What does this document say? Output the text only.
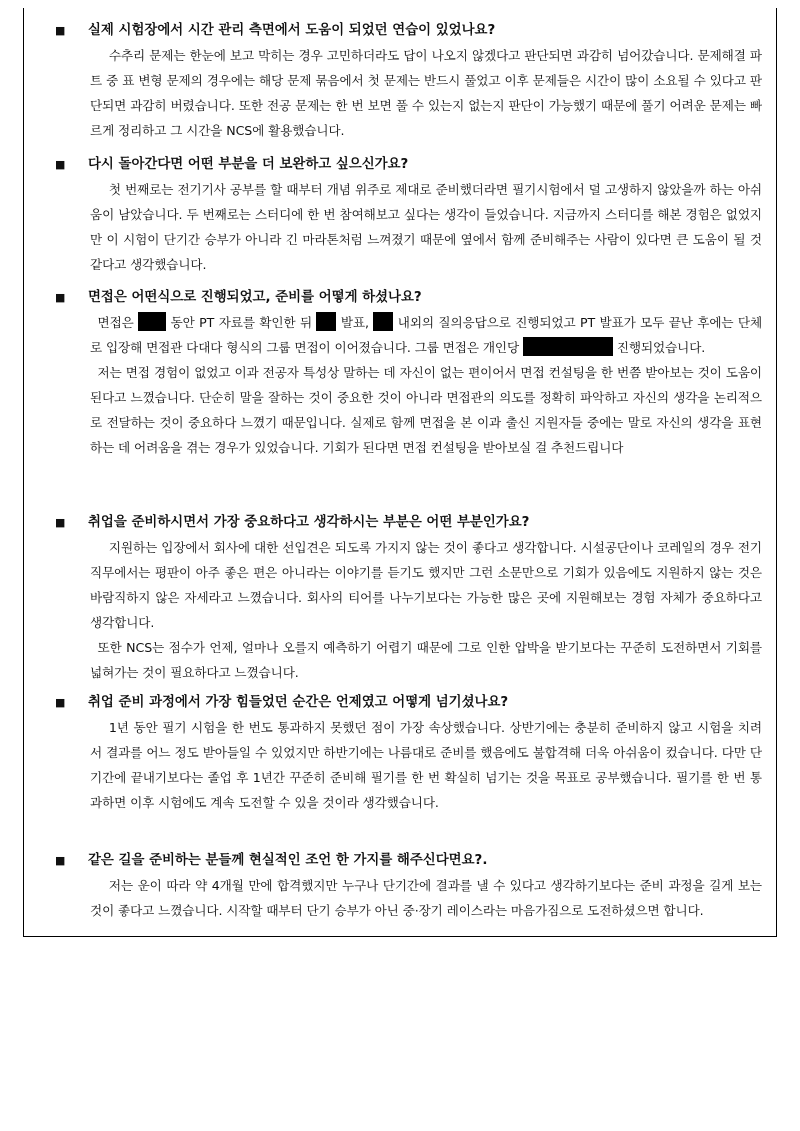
■	실제 시험장에서 시간 관리 측면에서 도움이 되었던 연습이 있었나요?

수추리 문제는 한눈에 보고 막히는 경우 고민하더라도 답이 나오지 않겠다고 판단되면 과감히 넘어갔습니다. 문제해결 파트 중 표 변형 문제의 경우에는 해당 문제 묶음에서 첫 문제는 반드시 풀었고 이후 문제들은 시간이 많이 소요될 수 있다고 판단되면 과감히 버렸습니다. 또한 전공 문제는 한 번 보면 풀 수 있는지 없는지 판단이 가능했기 때문에 풀기 어려운 문제는 빠르게 정리하고 그 시간을 NCS에 활용했습니다.

■	다시 돌아간다면 어떤 부분을 더 보완하고 싶으신가요?

첫 번째로는 전기기사 공부를 할 때부터 개념 위주로 제대로 준비했더라면 필기시험에서 덜 고생하지 않았을까 하는 아쉬움이 남았습니다. 두 번째로는 스터디에 한 번 참여해보고 싶다는 생각이 들었습니다. 지금까지 스터디를 해본 경험은 없었지만 이 시험이 단기간 승부가 아니라 긴 마라톤처럼 느껴졌기 때문에 옆에서 함께 준비해주는 사람이 있다면 큰 도움이 될 것 같다고 생각했습니다.

■	면접은 어떤식으로 진행되었고, 준비를 어떻게 하셨나요?

면접은  동안 PT 자료를 확인한 뒤  발표,  내외의 질의응답으로 진행되었고 PT 발표가 모두 끝난 후에는 단체로 입장해 면접관 다대다 형식의 그룹 면접이 이어졌습니다. 그룹 면접은 개인당	진행되었습니다.

저는 면접 경험이 없었고 이과 전공자 특성상 말하는 데 자신이 없는 편이어서 면접 컨설팅을 한 번쯤 받아보는 것이 도움이 된다고 느꼈습니다. 단순히 말을 잘하는 것이 중요한 것이 아니라 면접관의 의도를 정확히 파악하고 자신의 생각을 논리적으로 전달하는 것이 중요하다 느꼈기 때문입니다. 실제로 함께 면접을 본 이과 출신 지원자들 중에는 말로 자신의 생각을 표현하는 데 어려움을 겪는 경우가 있었습니다. 기회가 된다면 면접 컨설팅을 받아보실 걸 추천드립니다

■	취업을 준비하시면서 가장 중요하다고 생각하시는 부분은 어떤 부분인가요?

지원하는 입장에서 회사에 대한 선입견은 되도록 가지지 않는 것이 좋다고 생각합니다. 시설공단이나 코레일의 경우 전기 직무에서는 평판이 아주 좋은 편은 아니라는 이야기를 듣기도 했지만 그런 소문만으로 기회가 있음에도 지원하지 않는 것은 바람직하지 않은 자세라고 느꼈습니다. 회사의 티어를 나누기보다는 가능한 많은 곳에 지원해보는 경험 자체가 중요하다고 생각합니다.

또한 NCS는 점수가 언제, 얼마나 오를지 예측하기 어렵기 때문에 그로 인한 압박을 받기보다는 꾸준히 도전하면서 기회를 넓혀가는 것이 필요하다고 느꼈습니다.

■	취업 준비 과정에서 가장 힘들었던 순간은 언제였고 어떻게 넘기셨나요?

1년 동안 필기 시험을 한 번도 통과하지 못했던 점이 가장 속상했습니다. 상반기에는 충분히 준비하지 않고 시험을 치려서 결과를 어느 정도 받아들일 수 있었지만 하반기에는 나름대로 준비를 했음에도 불합격해 더욱 아쉬움이 컸습니다. 다만 단기간에 끝내기보다는 졸업 후 1년간 꾸준히 준비해 필기를 한 번 확실히 넘기는 것을 목표로 공부했습니다. 필기를 한 번 통과하면 이후 시험에도 계속 도전할 수 있을 것이라 생각했습니다.

■	같은 길을 준비하는 분들께 현실적인 조언 한 가지를 해주신다면요?.

저는 운이 따라 약 4개월 만에 합격했지만 누구나 단기간에 결과를 낼 수 있다고 생각하기보다는 준비 과정을 길게 보는 것이 좋다고 느꼈습니다. 시작할 때부터 단기 승부가 아닌 중·장기 레이스라는 마음가짐으로 도전하셨으면 합니다.
